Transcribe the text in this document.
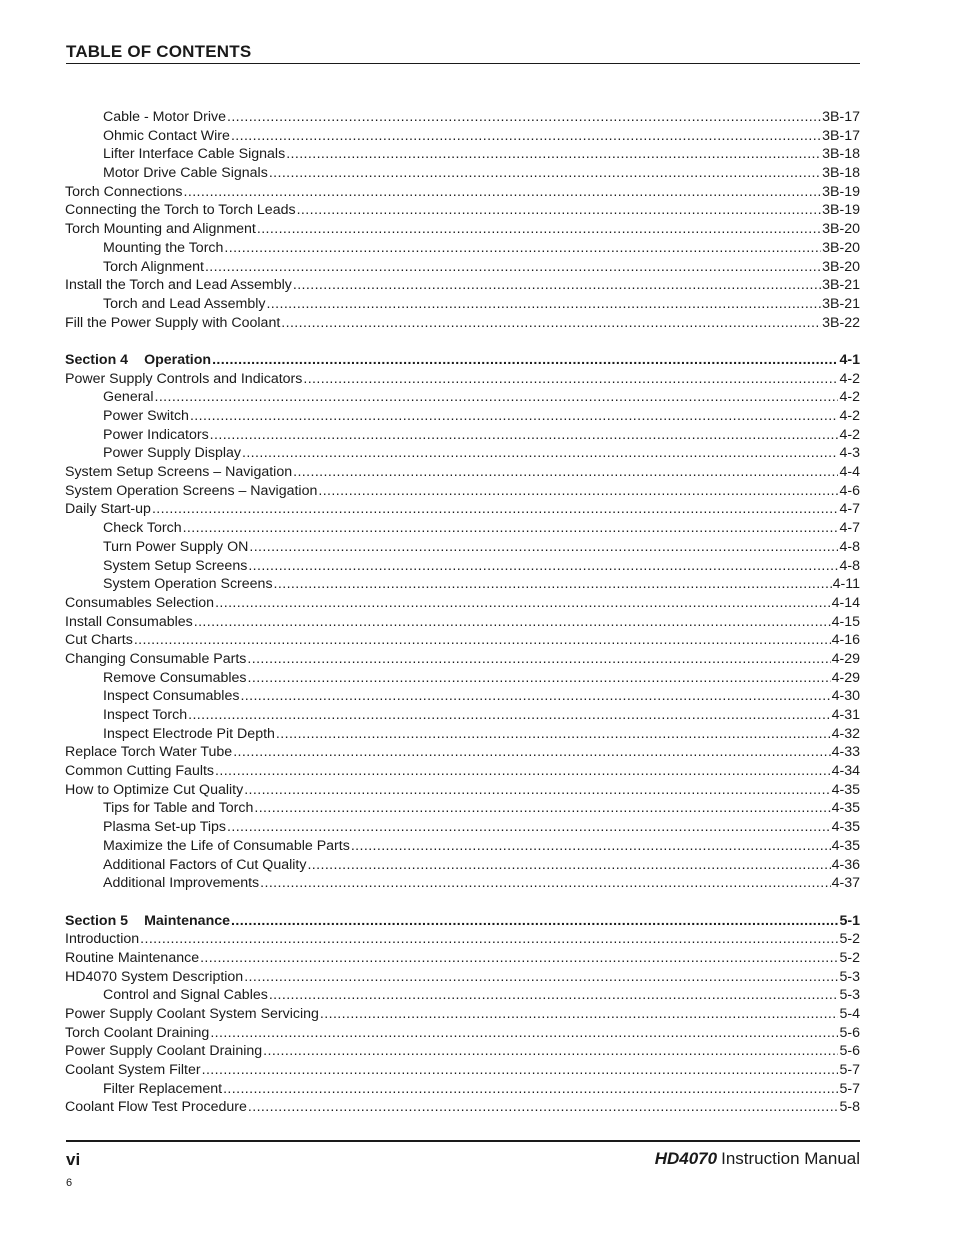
TABLE OF CONTENTS
Cable - Motor Drive .....	3B-17
Ohmic Contact Wire .....	3B-17
Lifter Interface Cable Signals .....	3B-18
Motor Drive Cable Signals .....	3B-18
Torch Connections .....	3B-19
Connecting the Torch to Torch Leads .....	3B-19
Torch Mounting and Alignment .....	3B-20
Mounting the Torch .....	3B-20
Torch Alignment .....	3B-20
Install the Torch and Lead Assembly .....	3B-21
Torch and Lead Assembly .....	3B-21
Fill the Power Supply with Coolant .....	3B-22
Section 4 Operation .....	4-1
Power Supply Controls and Indicators .....	4-2
General .....	4-2
Power Switch .....	4-2
Power Indicators .....	4-2
Power Supply Display .....	4-3
System Setup Screens – Navigation .....	4-4
System Operation Screens – Navigation .....	4-6
Daily Start-up .....	4-7
Check Torch .....	4-7
Turn Power Supply ON .....	4-8
System Setup Screens .....	4-8
System Operation Screens .....	4-11
Consumables Selection .....	4-14
Install Consumables .....	4-15
Cut Charts .....	4-16
Changing Consumable Parts .....	4-29
Remove Consumables .....	4-29
Inspect Consumables .....	4-30
Inspect Torch .....	4-31
Inspect Electrode Pit Depth .....	4-32
Replace Torch Water Tube .....	4-33
Common Cutting Faults .....	4-34
How to Optimize Cut Quality .....	4-35
Tips for Table and Torch .....	4-35
Plasma Set-up Tips .....	4-35
Maximize the Life of Consumable Parts .....	4-35
Additional Factors of Cut Quality .....	4-36
Additional Improvements .....	4-37
Section 5 Maintenance .....	5-1
Introduction .....	5-2
Routine Maintenance .....	5-2
HD4070 System Description .....	5-3
Control and Signal Cables .....	5-3
Power Supply Coolant System Servicing .....	5-4
Torch Coolant Draining .....	5-6
Power Supply Coolant Draining .....	5-6
Coolant System Filter .....	5-7
Filter Replacement .....	5-7
Coolant Flow Test Procedure .....	5-8
vi	HD4070 Instruction Manual
6
